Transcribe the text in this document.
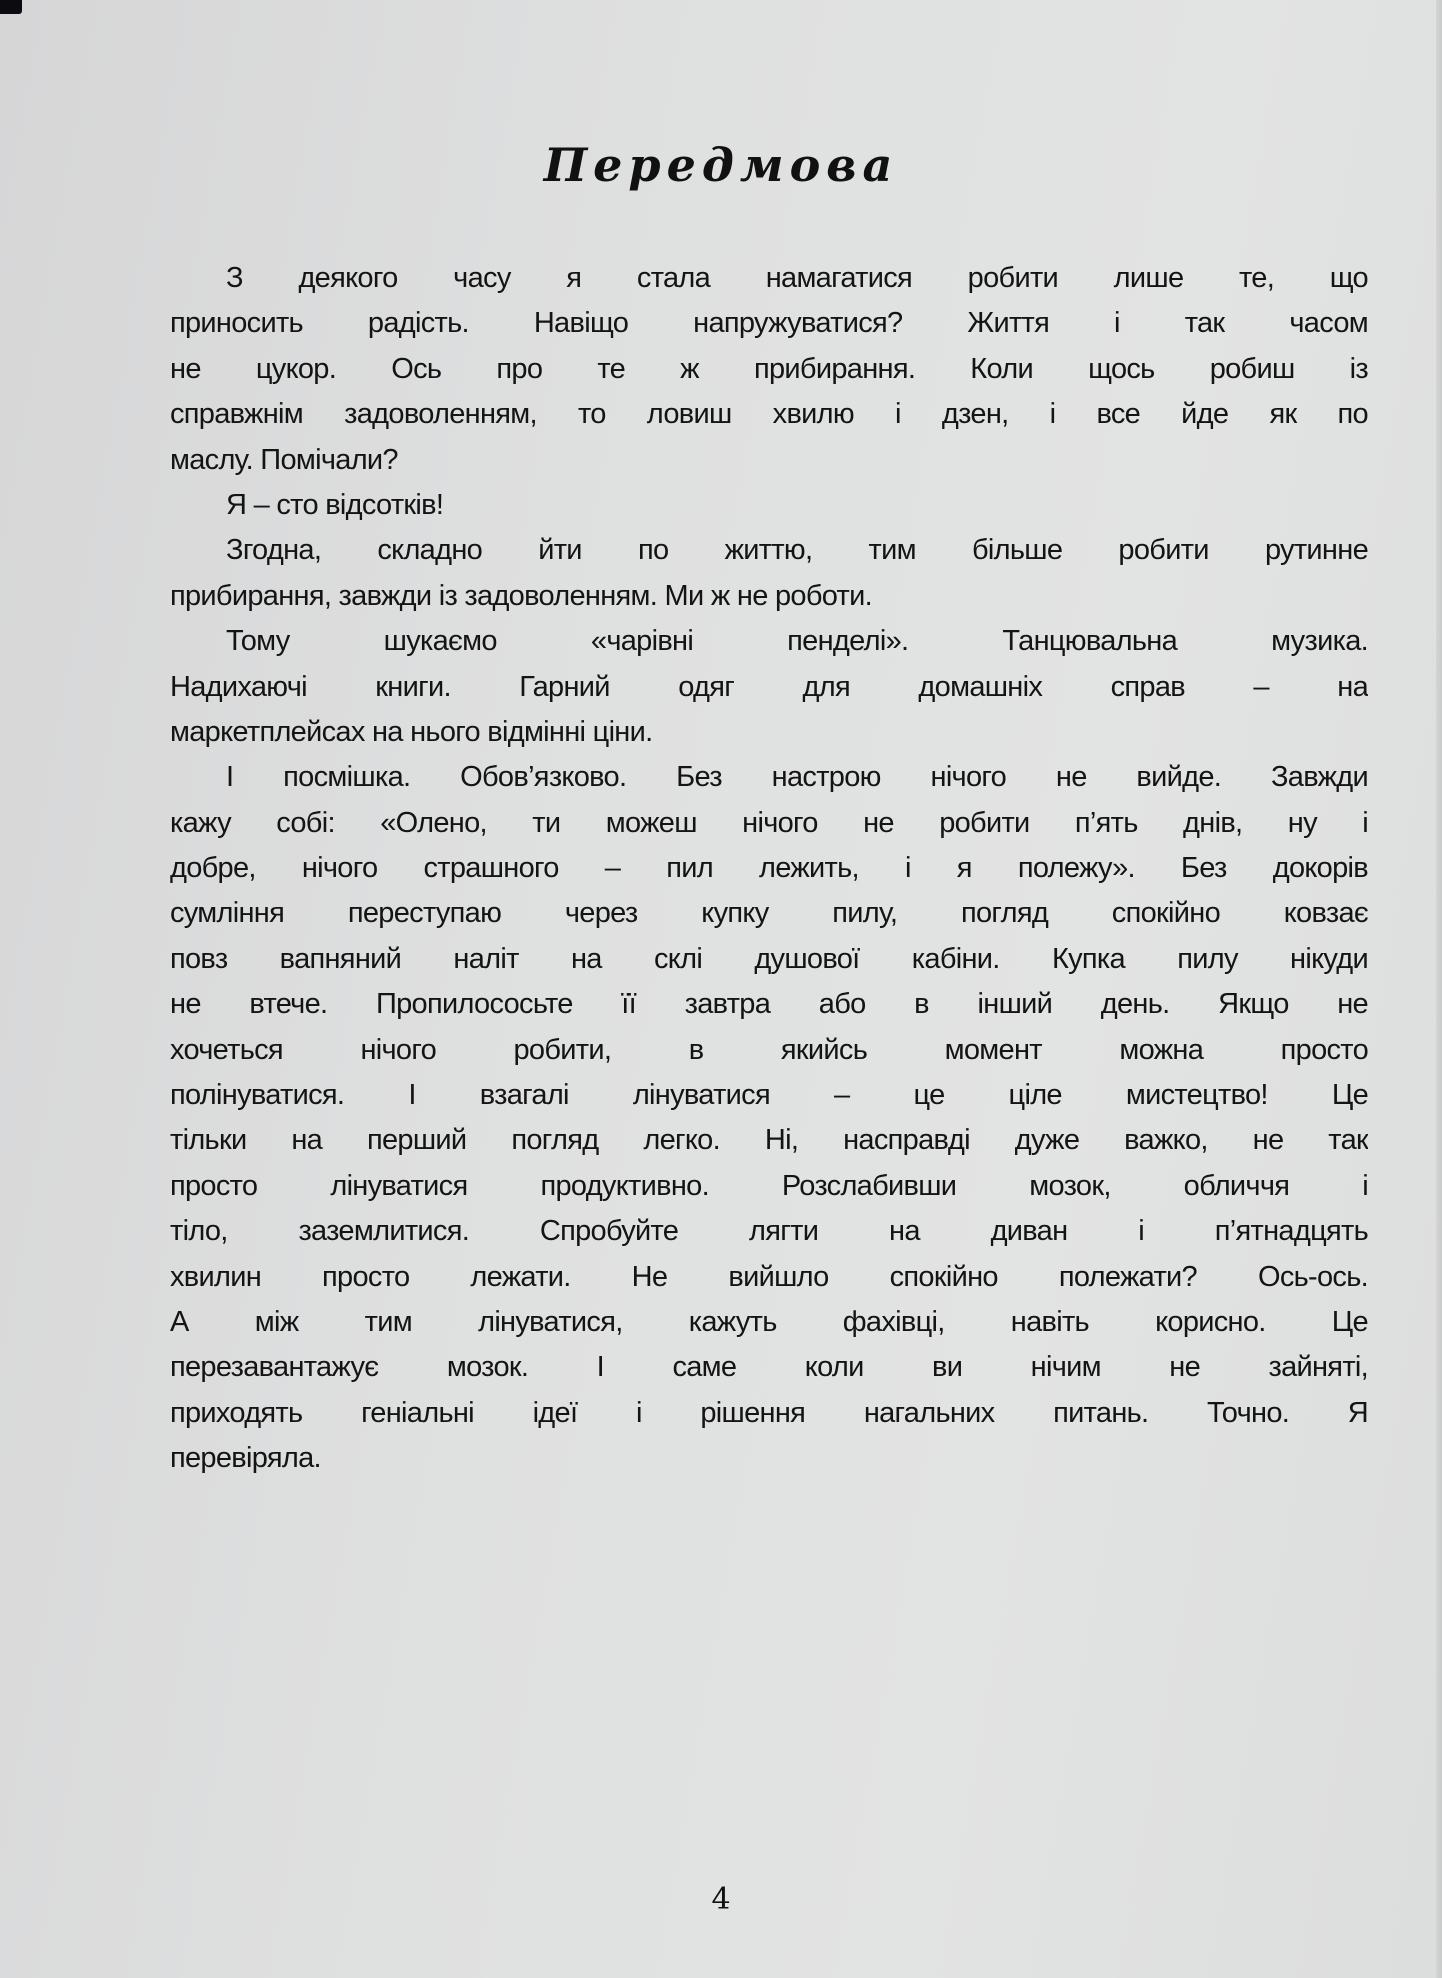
Передмова
З деякого часу я стала намагатися робити лише те, що
приносить радість. Навіщо напружуватися? Життя і так часом
не цукор. Ось про те ж прибирання. Коли щось робиш із
справжнім задоволенням, то ловиш хвилю і дзен, і все йде як по
маслу. Помічали?
Я – сто відсотків!
Згодна, складно йти по життю, тим більше робити рутинне
прибирання, завжди із задоволенням. Ми ж не роботи.
Тому шукаємо «чарівні пенделі». Танцювальна музика.
Надихаючі книги. Гарний одяг для домашніх справ – на
маркетплейсах на нього відмінні ціни.
І посмішка. Обов’язково. Без настрою нічого не вийде. Завжди
кажу собі: «Олено, ти можеш нічого не робити п’ять днів, ну і
добре, нічого страшного – пил лежить, і я полежу». Без докорів
сумління переступаю через купку пилу, погляд спокійно ковзає
повз вапняний наліт на склі душової кабіни. Купка пилу нікуди
не втече. Пропилососьте її завтра або в інший день. Якщо не
хочеться нічого робити, в якийсь момент можна просто
полінуватися. І взагалі лінуватися – це ціле мистецтво! Це
тільки на перший погляд легко. Ні, насправді дуже важко, не так
просто лінуватися продуктивно. Розслабивши мозок, обличчя і
тіло, заземлитися. Спробуйте лягти на диван і п’ятнадцять
хвилин просто лежати. Не вийшло спокійно полежати? Ось-ось.
А між тим лінуватися, кажуть фахівці, навіть корисно. Це
перезавантажує мозок. І саме коли ви нічим не зайняті,
приходять геніальні ідеї і рішення нагальних питань. Точно. Я
перевіряла.
4
